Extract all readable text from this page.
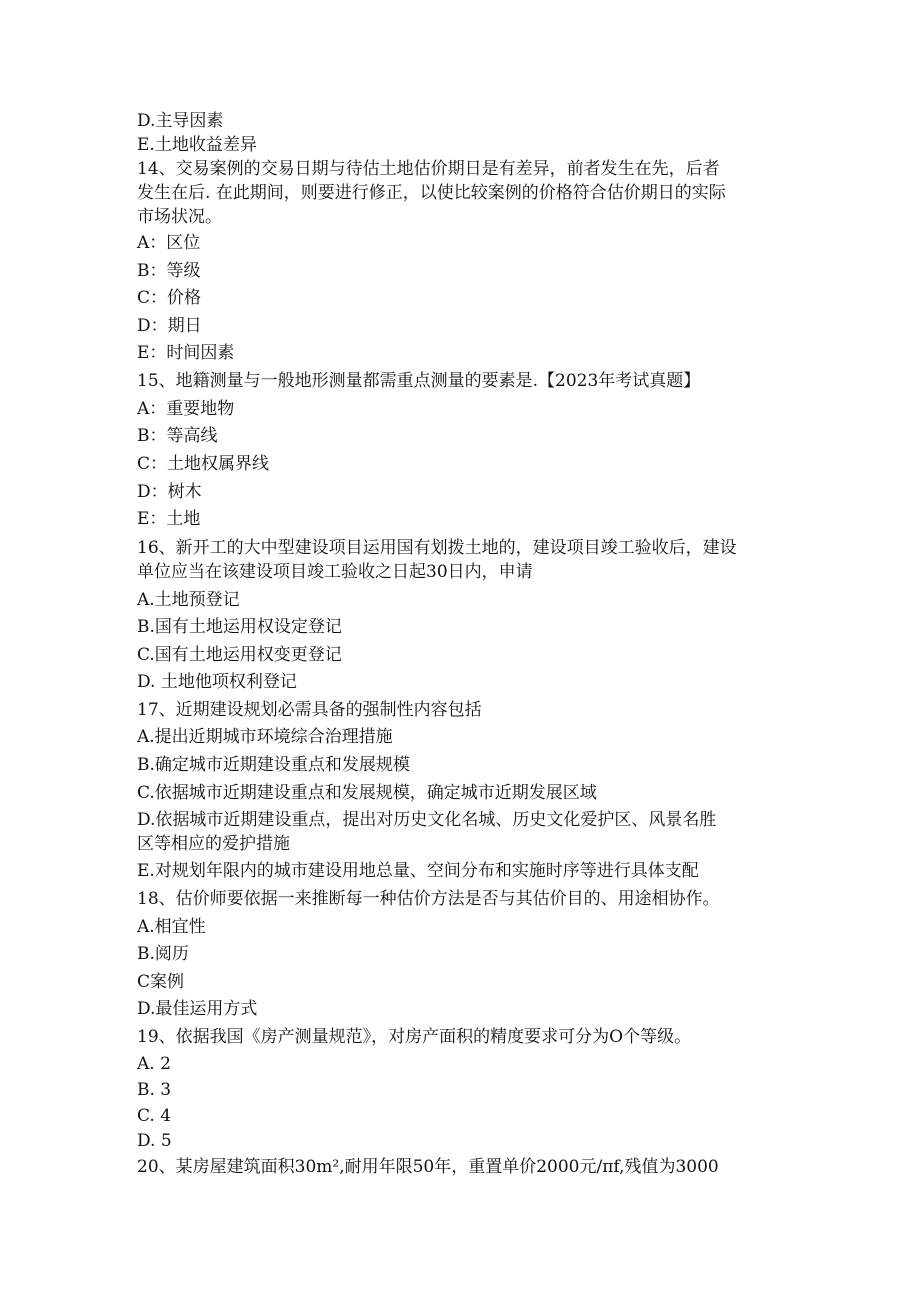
D.主导因素
E.土地收益差异
14、交易案例的交易日期与待估土地估价期日是有差异，前者发生在先，后者
发生在后. 在此期间，则要进行修正，以使比较案例的价格符合估价期日的实际
市场状况。
A：区位
B：等级
C：价格
D：期日
E：时间因素
15、地籍测量与一般地形测量都需重点测量的要素是.【2023年考试真题】
A：重要地物
B：等高线
C：土地权属界线
D：树木
E：土地
16、新开工的大中型建设项目运用国有划拨土地的，建设项目竣工验收后，建设
单位应当在该建设项目竣工验收之日起30日内，申请
A.土地预登记
B.国有土地运用权设定登记
C.国有土地运用权变更登记
D. 土地他项权利登记
17、近期建设规划必需具备的强制性内容包括
A.提出近期城市环境综合治理措施
B.确定城市近期建设重点和发展规模
C.依据城市近期建设重点和发展规模，确定城市近期发展区域
D.依据城市近期建设重点，提出对历史文化名城、历史文化爱护区、风景名胜
区等相应的爱护措施
E.对规划年限内的城市建设用地总量、空间分布和实施时序等进行具体支配
18、估价师要依据一来推断每一种估价方法是否与其估价目的、用途相协作。
A.相宜性
B.阅历
C案例
D.最佳运用方式
19、依据我国《房产测量规范》，对房产面积的精度要求可分为O个等级。
A. 2
B. 3
C. 4
D. 5
20、某房屋建筑面积30m²,耐用年限50年，重置单价2000元/πf,残值为3000
